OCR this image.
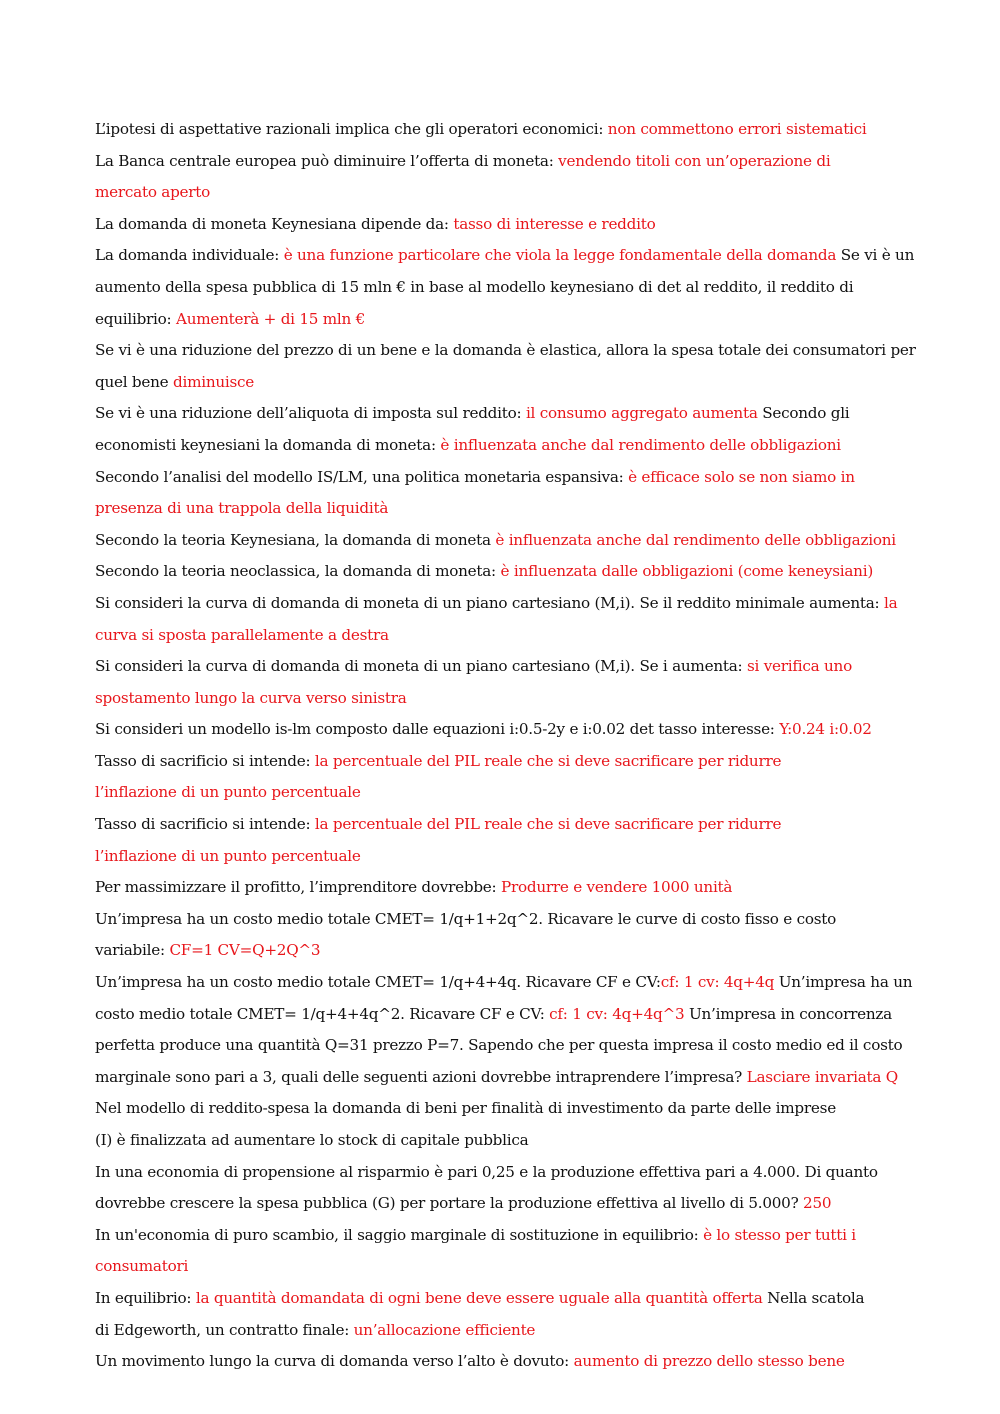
L’ipotesi di aspettative razionali implica che gli operatori economici: non commettono errori sistematici
La Banca centrale europea può diminuire l’offerta di moneta: vendendo titoli con un’operazione di
mercato aperto
La domanda di moneta Keynesiana dipende da: tasso di interesse e reddito
La domanda individuale: è una funzione particolare che viola la legge fondamentale della domanda Se vi è un
aumento della spesa pubblica di 15 mln € in base al modello keynesiano di det al reddito, il reddito di
equilibrio: Aumenterà + di 15 mln €
Se vi è una riduzione del prezzo di un bene e la domanda è elastica, allora la spesa totale dei consumatori per
quel bene diminuisce
Se vi è una riduzione dell’aliquota di imposta sul reddito: il consumo aggregato aumenta Secondo gli
economisti keynesiani la domanda di moneta: è influenzata anche dal rendimento delle obbligazioni
Secondo l’analisi del modello IS/LM, una politica monetaria espansiva: è efficace solo se non siamo in
presenza di una trappola della liquidità
Secondo la teoria Keynesiana, la domanda di moneta è influenzata anche dal rendimento delle obbligazioni
Secondo la teoria neoclassica, la domanda di moneta: è influenzata dalle obbligazioni (come keneysiani)
Si consideri la curva di domanda di moneta di un piano cartesiano (M,i). Se il reddito minimale aumenta: la
curva si sposta parallelamente a destra
Si consideri la curva di domanda di moneta di un piano cartesiano (M,i). Se i aumenta: si verifica uno
spostamento lungo la curva verso sinistra
Si consideri un modello is-lm composto dalle equazioni i:0.5-2y e i:0.02 det tasso interesse: Y:0.24 i:0.02
Tasso di sacrificio si intende: la percentuale del PIL reale che si deve sacrificare per ridurre
l’inflazione di un punto percentuale
Tasso di sacrificio si intende: la percentuale del PIL reale che si deve sacrificare per ridurre
l’inflazione di un punto percentuale
Per massimizzare il profitto, l’imprenditore dovrebbe: Produrre e vendere 1000 unità
Un’impresa ha un costo medio totale CMET= 1/q+1+2q^2. Ricavare le curve di costo fisso e costo
variabile: CF=1 CV=Q+2Q^3
Un’impresa ha un costo medio totale CMET= 1/q+4+4q. Ricavare CF e CV:cf: 1 cv: 4q+4q Un’impresa ha un
costo medio totale CMET= 1/q+4+4q^2. Ricavare CF e CV: cf: 1 cv: 4q+4q^3 Un’impresa in concorrenza
perfetta produce una quantità Q=31 prezzo P=7. Sapendo che per questa impresa il costo medio ed il costo
marginale sono pari a 3, quali delle seguenti azioni dovrebbe intraprendere l’impresa? Lasciare invariata Q
Nel modello di reddito-spesa la domanda di beni per finalità di investimento da parte delle imprese
(I) è finalizzata ad aumentare lo stock di capitale pubblica
In una economia di propensione al risparmio è pari 0,25 e la produzione effettiva pari a 4.000. Di quanto
dovrebbe crescere la spesa pubblica (G) per portare la produzione effettiva al livello di 5.000? 250
In un'economia di puro scambio, il saggio marginale di sostituzione in equilibrio: è lo stesso per tutti i
consumatori
In equilibrio: la quantità domandata di ogni bene deve essere uguale alla quantità offerta Nella scatola
di Edgeworth, un contratto finale: un’allocazione efficiente
Un movimento lungo la curva di domanda verso l’alto è dovuto: aumento di prezzo dello stesso bene
